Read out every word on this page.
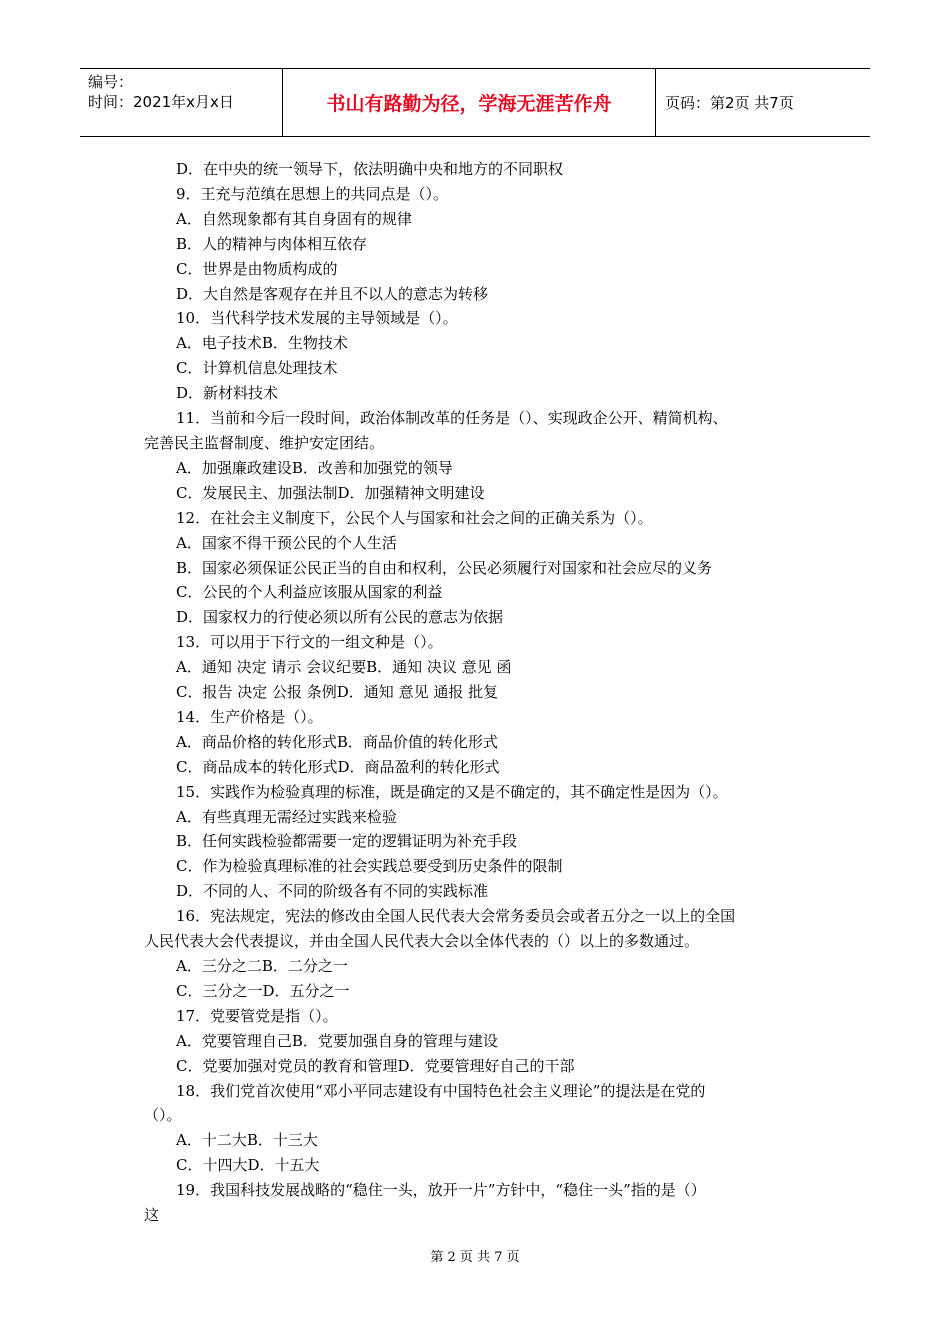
编号：
时间：2021年x月x日	书山有路勤为径，学海无涯苦作舟	页码：第2页 共7页
D．在中央的统一领导下，依法明确中央和地方的不同职权
9．王充与范缜在思想上的共同点是（）。
A．自然现象都有其自身固有的规律
B．人的精神与肉体相互依存
C．世界是由物质构成的
D．大自然是客观存在并且不以人的意志为转移
10．当代科学技术发展的主导领域是（）。
A．电子技术B．生物技术
C．计算机信息处理技术
D．新材料技术
11．当前和今后一段时间，政治体制改革的任务是（）、实现政企公开、精简机构、
完善民主监督制度、维护安定团结。
A．加强廉政建设B．改善和加强党的领导
C．发展民主、加强法制D．加强精神文明建设
12．在社会主义制度下，公民个人与国家和社会之间的正确关系为（）。
A．国家不得干预公民的个人生活
B．国家必须保证公民正当的自由和权利，公民必须履行对国家和社会应尽的义务
C．公民的个人利益应该服从国家的利益
D．国家权力的行使必须以所有公民的意志为依据
13．可以用于下行文的一组文种是（）。
A．通知 决定 请示 会议纪要B．通知 决议 意见 函
C．报告 决定 公报 条例D．通知 意见 通报 批复
14．生产价格是（）。
A．商品价格的转化形式B．商品价值的转化形式
C．商品成本的转化形式D．商品盈利的转化形式
15．实践作为检验真理的标准，既是确定的又是不确定的，其不确定性是因为（）。
A．有些真理无需经过实践来检验
B．任何实践检验都需要一定的逻辑证明为补充手段
C．作为检验真理标准的社会实践总要受到历史条件的限制
D．不同的人、不同的阶级各有不同的实践标准
16．宪法规定，宪法的修改由全国人民代表大会常务委员会或者五分之一以上的全国
人民代表大会代表提议，并由全国人民代表大会以全体代表的（）以上的多数通过。
A．三分之二B．二分之一
C．三分之一D．五分之一
17．党要管党是指（）。
A．党要管理自己B．党要加强自身的管理与建设
C．党要加强对党员的教育和管理D．党要管理好自己的干部
18．我们党首次使用“邓小平同志建设有中国特色社会主义理论”的提法是在党的
（）。
A．十二大B．十三大
C．十四大D．十五大
19．我国科技发展战略的“稳住一头，放开一片”方针中，“稳住一头”指的是（）
这
第 2 页 共 7 页
